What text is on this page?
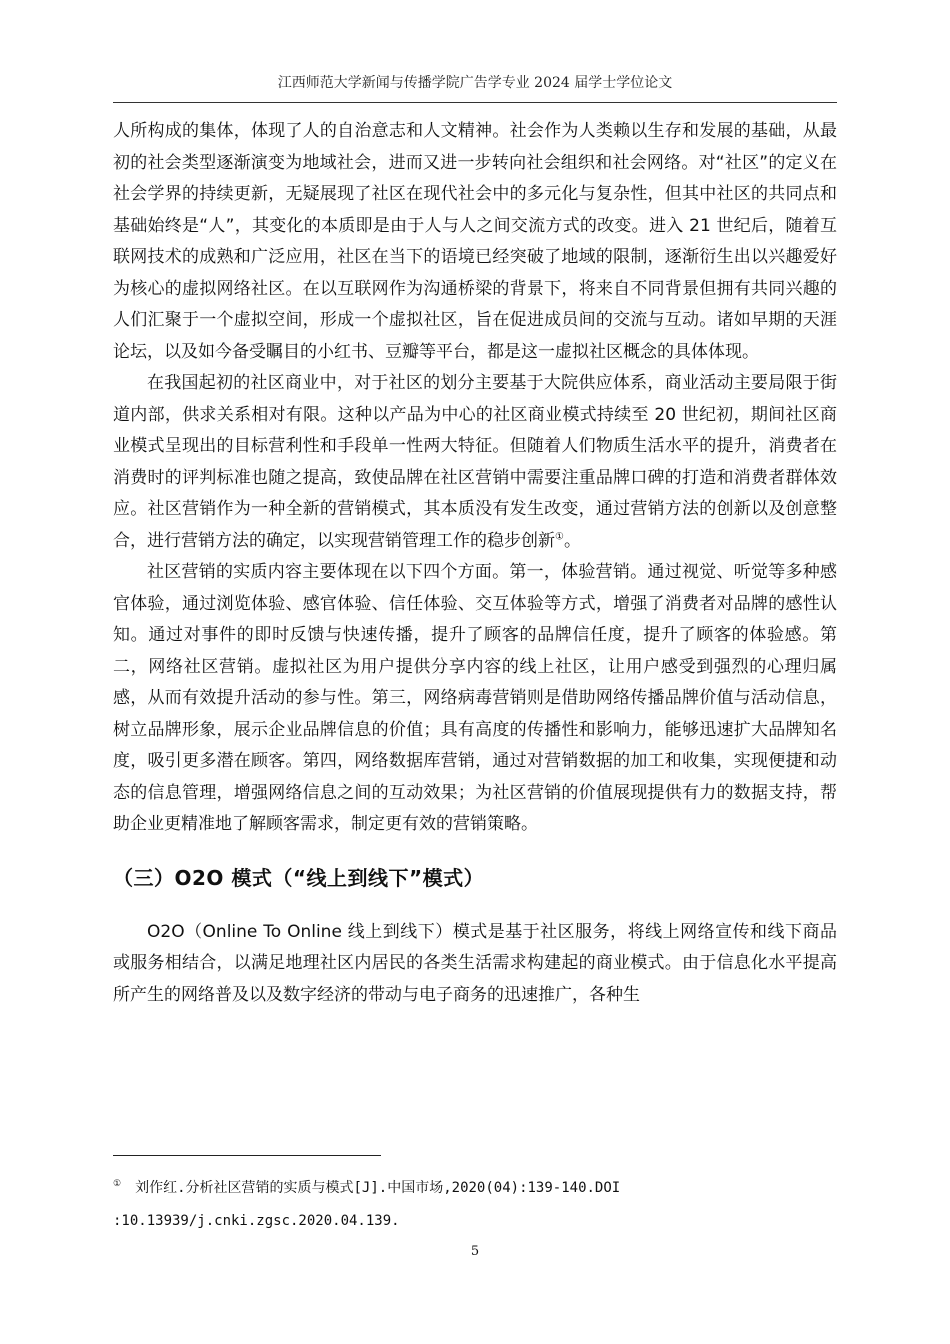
江西师范大学新闻与传播学院广告学专业 2024 届学士学位论文

人所构成的集体，体现了人的自治意志和人文精神。社会作为人类赖以生存和发展的基础，从最初的社会类型逐渐演变为地域社会，进而又进一步转向社会组织和社会网络。对“社区”的定义在社会学界的持续更新，无疑展现了社区在现代社会中的多元化与复杂性，但其中社区的共同点和基础始终是“人”，其变化的本质即是由于人与人之间交流方式的改变。进入 21 世纪后，随着互联网技术的成熟和广泛应用，社区在当下的语境已经突破了地域的限制，逐渐衍生出以兴趣爱好为核心的虚拟网络社区。在以互联网作为沟通桥梁的背景下，将来自不同背景但拥有共同兴趣的人们汇聚于一个虚拟空间，形成一个虚拟社区，旨在促进成员间的交流与互动。诸如早期的天涯论坛，以及如今备受瞩目的小红书、豆瓣等平台，都是这一虚拟社区概念的具体体现。

在我国起初的社区商业中，对于社区的划分主要基于大院供应体系，商业活动主要局限于街道内部，供求关系相对有限。这种以产品为中心的社区商业模式持续至 20 世纪初，期间社区商业模式呈现出的目标营利性和手段单一性两大特征。但随着人们物质生活水平的提升，消费者在消费时的评判标准也随之提高，致使品牌在社区营销中需要注重品牌口碑的打造和消费者群体效应。社区营销作为一种全新的营销模式，其本质没有发生改变，通过营销方法的创新以及创意整合，进行营销方法的确定，以实现营销管理工作的稳步创新①。

社区营销的实质内容主要体现在以下四个方面。第一，体验营销。通过视觉、听觉等多种感官体验，通过浏览体验、感官体验、信任体验、交互体验等方式，增强了消费者对品牌的感性认知。通过对事件的即时反馈与快速传播，提升了顾客的品牌信任度，提升了顾客的体验感。第二，网络社区营销。虚拟社区为用户提供分享内容的线上社区，让用户感受到强烈的心理归属感，从而有效提升活动的参与性。第三，网络病毒营销则是借助网络传播品牌价值与活动信息，树立品牌形象，展示企业品牌信息的价值；具有高度的传播性和影响力，能够迅速扩大品牌知名度，吸引更多潜在顾客。第四，网络数据库营销，通过对营销数据的加工和收集，实现便捷和动态的信息管理，增强网络信息之间的互动效果；为社区营销的价值展现提供有力的数据支持，帮助企业更精准地了解顾客需求，制定更有效的营销策略。

（三）O2O 模式（“线上到线下”模式）

O2O（Online To Online 线上到线下）模式是基于社区服务，将线上网络宣传和线下商品或服务相结合，以满足地理社区内居民的各类生活需求构建起的商业模式。由于信息化水平提高所产生的网络普及以及数字经济的带动与电子商务的迅速推广，各种生

① 刘作红.分析社区营销的实质与模式[J].中国市场,2020(04):139-140.DOI :10.13939/j.cnki.zgsc.2020.04.139.
5
